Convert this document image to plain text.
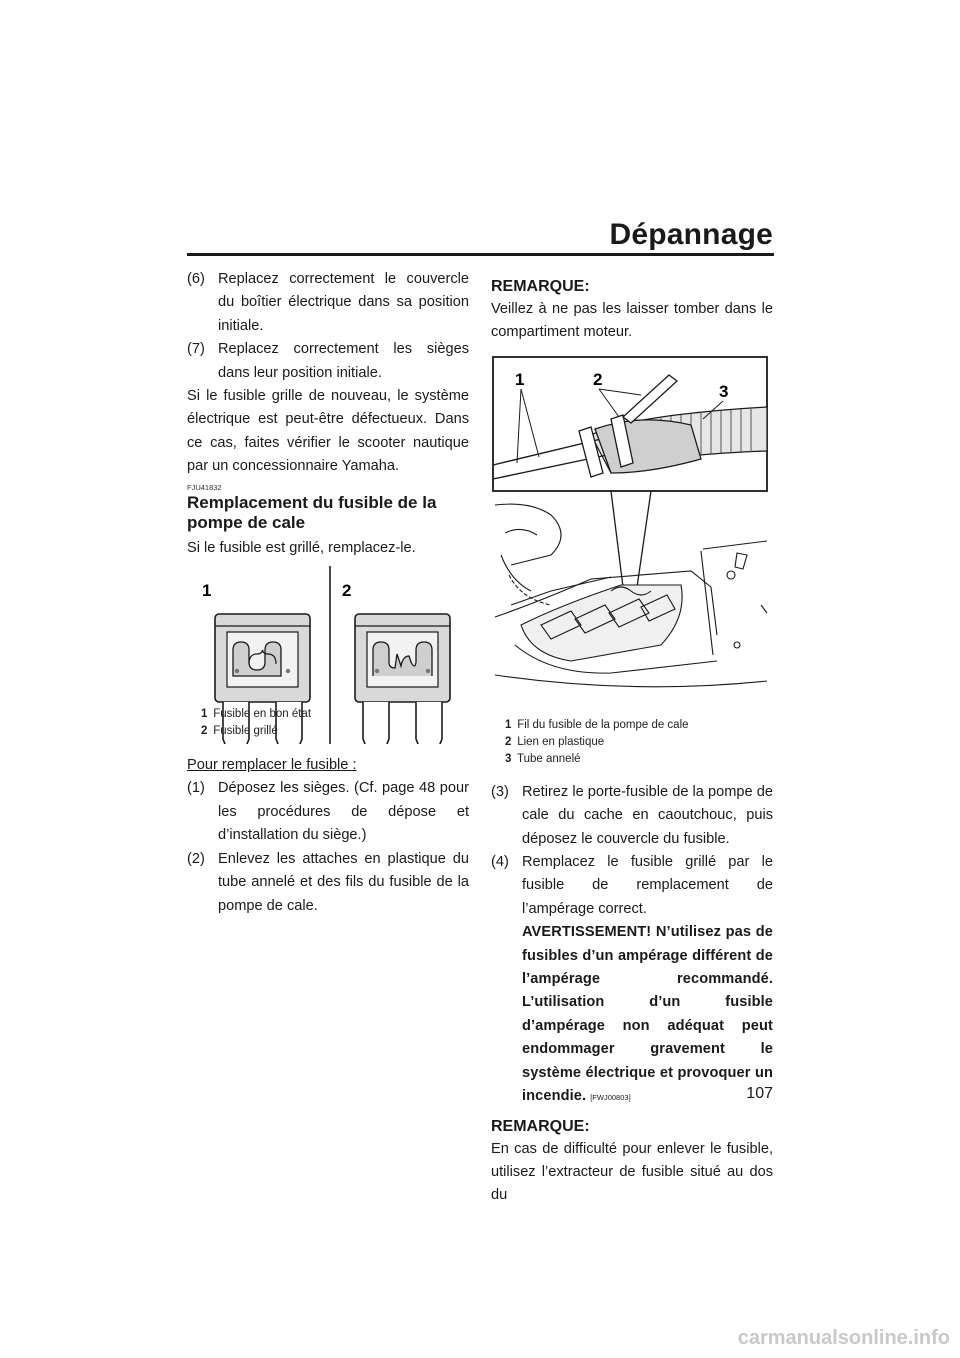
Dépannage
(6) Replacez correctement le couvercle du boîtier électrique dans sa position initiale.
(7) Replacez correctement les sièges dans leur position initiale.

Si le fusible grille de nouveau, le système électrique est peut-être défectueux. Dans ce cas, faites vérifier le scooter nautique par un concessionnaire Yamaha.

FJU41832
Remplacement du fusible de la pompe de cale

Si le fusible est grillé, remplacez-le.

1	2
1 Fusible en bon état
2 Fusible grillé

Pour remplacer le fusible :

(1) Déposez les sièges. (Cf. page 48 pour les procédures de dépose et d’installation du siège.)
(2) Enlevez les attaches en plastique du tube annelé et des fils du fusible de la pompe de cale.
REMARQUE:

Veillez à ne pas les laisser tomber dans le compartiment moteur.

1	2
3
1 Fil du fusible de la pompe de cale
2 Lien en plastique
3 Tube annelé
(3) Retirez le porte-fusible de la pompe de cale du cache en caoutchouc, puis déposez le couvercle du fusible.
(4) Remplacez le fusible grillé par le fusible de remplacement de l’ampérage correct.
AVERTISSEMENT! N’utilisez pas de fusibles d’un ampérage différent de l’ampérage recommandé. L’utilisation d’un fusible d’ampérage non adéquat peut endommager gravement le système électrique et provoquer un incendie. [FWJ00803]
REMARQUE:

En cas de difficulté pour enlever le fusible, utilisez l’extracteur de fusible situé au dos du

107
carmanualsonline.info
